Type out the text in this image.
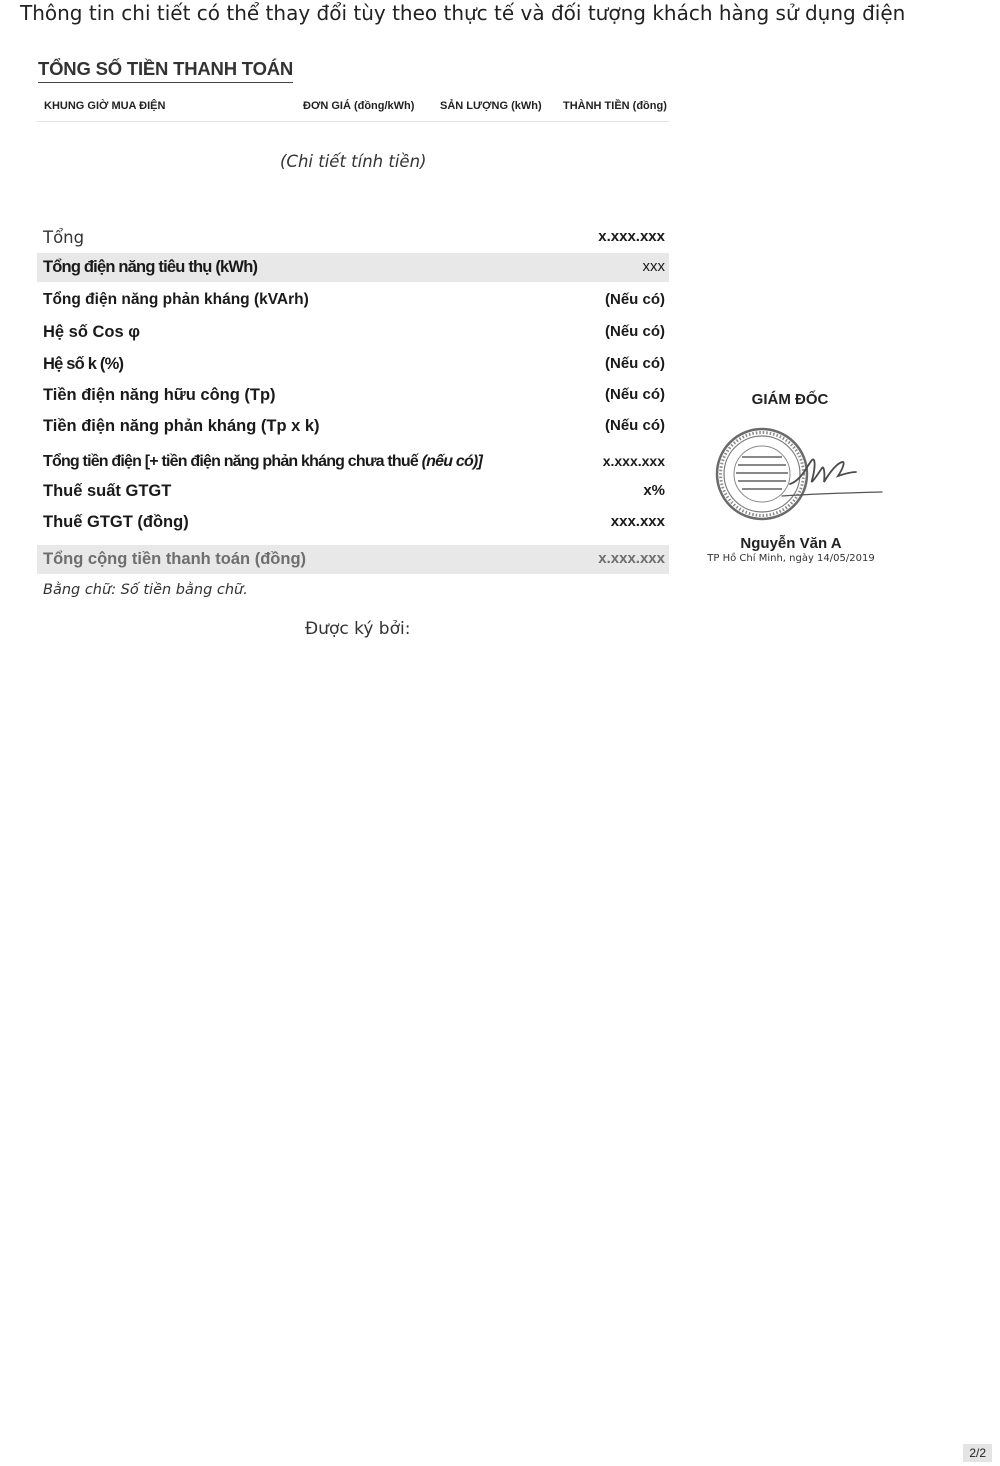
Thông tin chi tiết có thể thay đổi tùy theo thực tế và đối tượng khách hàng sử dụng điện
TỔNG SỐ TIỀN THANH TOÁN
KHUNG GIỜ MUA ĐIỆN	ĐƠN GIÁ (đồng/kWh) SẢN LƯỢNG (kWh) THÀNH TIỀN (đồng)
(Chi tiết tính tiền)
Tổng	x.xxx.xxx
Tổng điện năng tiêu thụ (kWh)	xxx
Tổng điện năng phản kháng (kVArh)	(Nếu có)
Hệ số Cos φ	(Nếu có)
Hệ số k (%)	(Nếu có)
Tiền điện năng hữu công (Tp)	(Nếu có)
Tiền điện năng phản kháng (Tp x k)	(Nếu có)
Tổng tiền điện [+ tiền điện năng phản kháng chưa thuế (nếu có)]	x.xxx.xxx
Thuế suất GTGT	x%
Thuế GTGT (đồng)	xxx.xxx
Tổng cộng tiền thanh toán (đồng)	x.xxx.xxx
Bằng chữ: Số tiền bằng chữ.
Được ký bởi:
GIÁM ĐỐC
Nguyễn Văn A
TP Hồ Chí Minh, ngày 14/05/2019
2/2
